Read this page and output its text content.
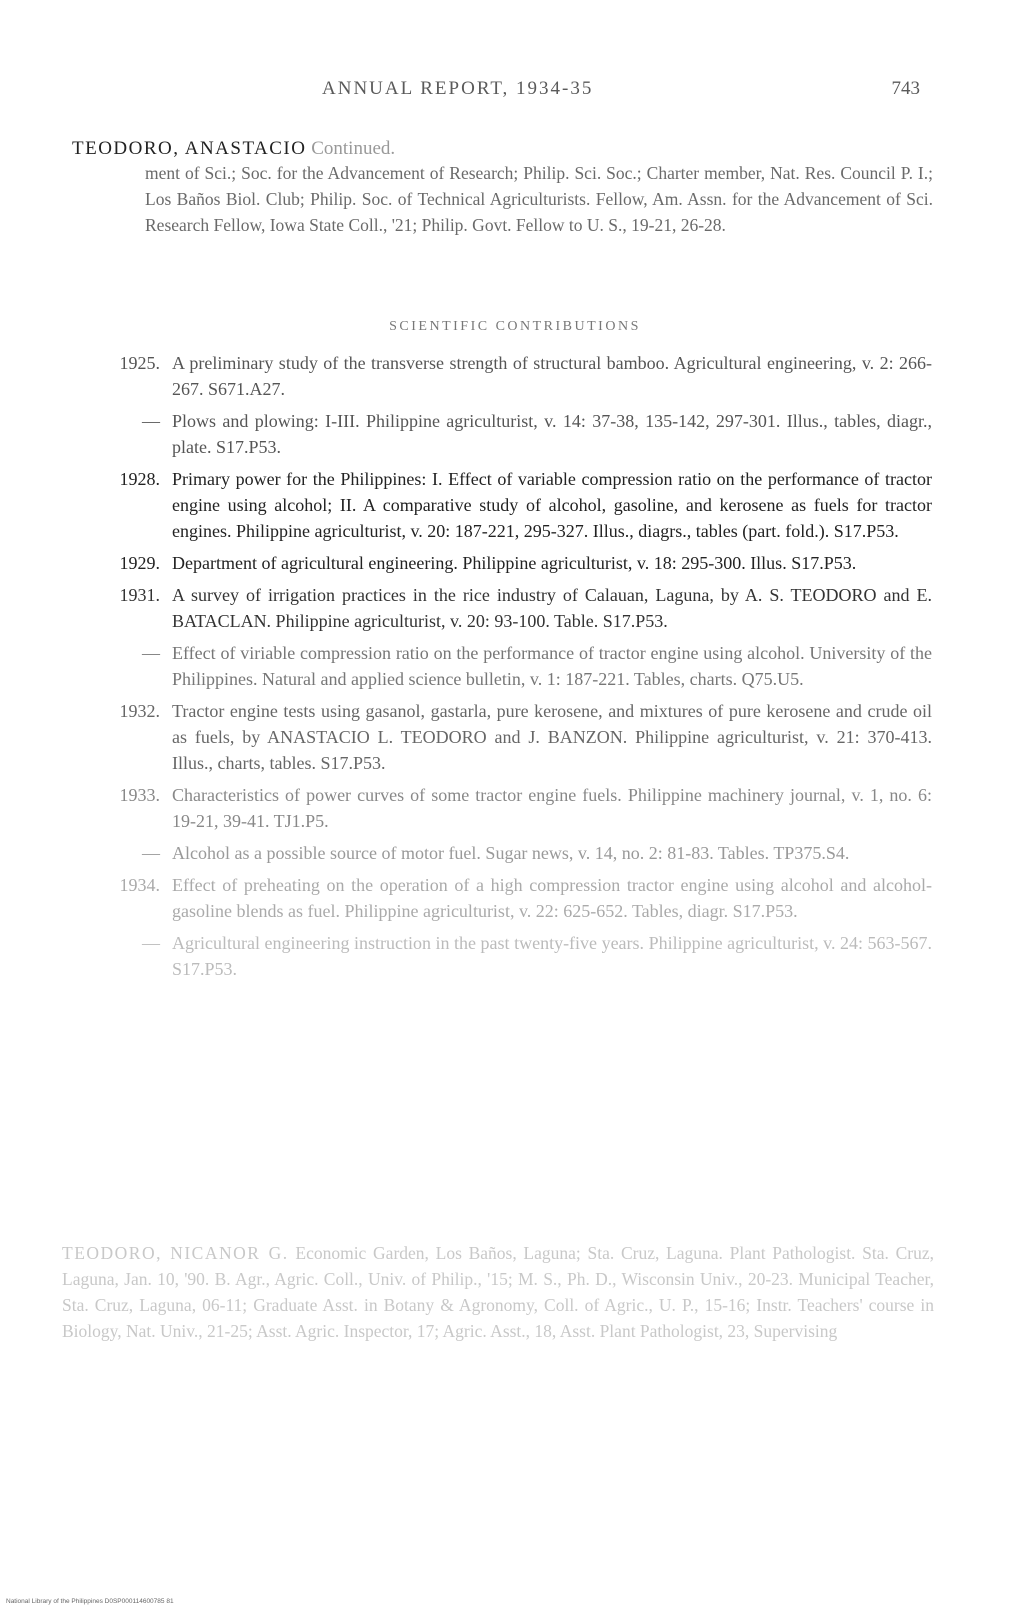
ANNUAL REPORT, 1934-35	743
TEODORO, ANASTACIO Continued.
ment of Sci.; Soc. for the Advancement of Research; Philip. Sci. Soc.; Charter member, Nat. Res. Council P. I.; Los Baños Biol. Club; Philip. Soc. of Technical Agriculturists. Fellow, Am. Assn. for the Advancement of Sci. Research Fellow, Iowa State Coll., '21; Philip. Govt. Fellow to U. S., 19-21, 26-28.
SCIENTIFIC CONTRIBUTIONS
1925. A preliminary study of the transverse strength of structural bamboo. Agricultural engineering, v. 2: 266-267. S671.A27.
— Plows and plowing: I-III. Philippine agriculturist, v. 14: 37-38, 135-142, 297-301. Illus., tables, diagr., plate. S17.P53.
1928. Primary power for the Philippines: I. Effect of variable compression ratio on the performance of tractor engine using alcohol; II. A comparative study of alcohol, gasoline, and kerosene as fuels for tractor engines. Philippine agriculturist, v. 20: 187-221, 295-327. Illus., diagrs., tables (part. fold.). S17.P53.
1929. Department of agricultural engineering. Philippine agriculturist, v. 18: 295-300. Illus. S17.P53.
1931. A survey of irrigation practices in the rice industry of Calauan, Laguna, by A. S. TEODORO and E. BATACLAN. Philippine agriculturist, v. 20: 93-100. Table. S17.P53.
— Effect of viriable compression ratio on the performance of tractor engine using alcohol. University of the Philippines. Natural and applied science bulletin, v. 1: 187-221. Tables, charts. Q75.U5.
1932. Tractor engine tests using gasanol, gastarla, pure kerosene, and mixtures of pure kerosene and crude oil as fuels, by ANASTACIO L. TEODORO and J. BANZON. Philippine agriculturist, v. 21: 370-413. Illus., charts, tables. S17.P53.
1933. Characteristics of power curves of some tractor engine fuels. Philippine machinery journal, v. 1, no. 6: 19-21, 39-41. TJ1.P5.
— Alcohol as a possible source of motor fuel. Sugar news, v. 14, no. 2: 81-83. Tables. TP375.S4.
1934. Effect of preheating on the operation of a high compression tractor engine using alcohol and alcohol-gasoline blends as fuel. Philippine agriculturist, v. 22: 625-652. Tables, diagr. S17.P53.
— Agricultural engineering instruction in the past twenty-five years. Philippine agriculturist, v. 24: 563-567. S17.P53.
TEODORO, NICANOR G. Economic Garden, Los Baños, Laguna; Sta. Cruz, Laguna. Plant Pathologist. Sta. Cruz, Laguna, Jan. 10, '90. B. Agr., Agric. Coll., Univ. of Philip., '15; M. S., Ph. D., Wisconsin Univ., 20-23. Municipal Teacher, Sta. Cruz, Laguna, 06-11; Graduate Asst. in Botany & Agronomy, Coll. of Agric., U. P., 15-16; Instr. Teachers' course in Biology, Nat. Univ., 21-25; Asst. Agric. Inspector, 17; Agric. Asst., 18, Asst. Plant Pathologist, 23, Supervising
National Library of the Philippines D0SP000114600785 81
